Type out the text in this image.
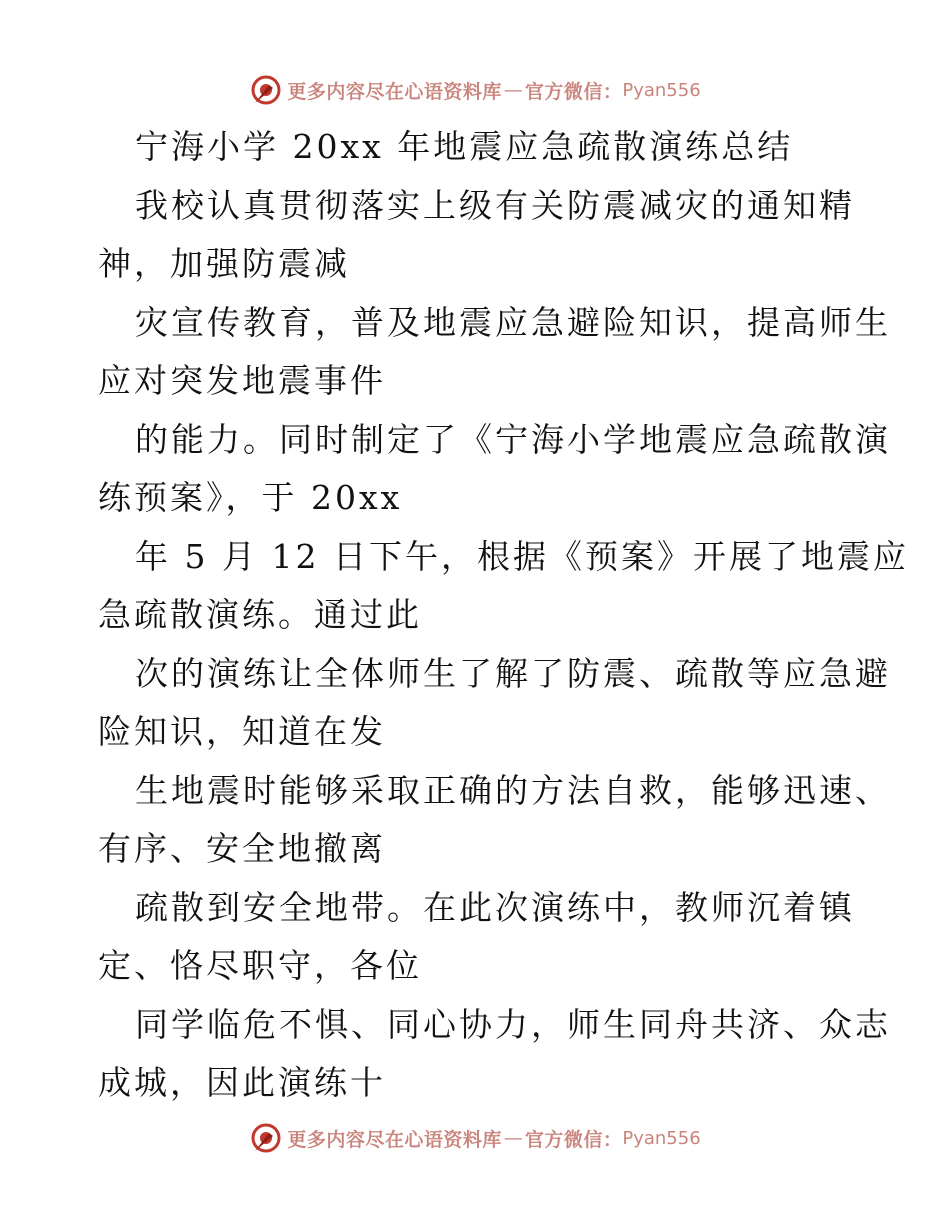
更多内容尽在心语资料库 — 官方微信： Pyan556
宁海小学 20xx 年地震应急疏散演练总结
我校认真贯彻落实上级有关防震减灾的通知精
神，加强防震减
灾宣传教育，普及地震应急避险知识，提高师生
应对突发地震事件
的能力。同时制定了《宁海小学地震应急疏散演
练预案》，于 20xx
年 5 月 12 日下午，根据《预案》开展了地震应
急疏散演练。通过此
次的演练让全体师生了解了防震、疏散等应急避
险知识，知道在发
生地震时能够采取正确的方法自救，能够迅速、
有序、安全地撤离
疏散到安全地带。在此次演练中，教师沉着镇
定、恪尽职守，各位
同学临危不惧、同心协力，师生同舟共济、众志
成城，因此演练十
更多内容尽在心语资料库 — 官方微信： Pyan556
